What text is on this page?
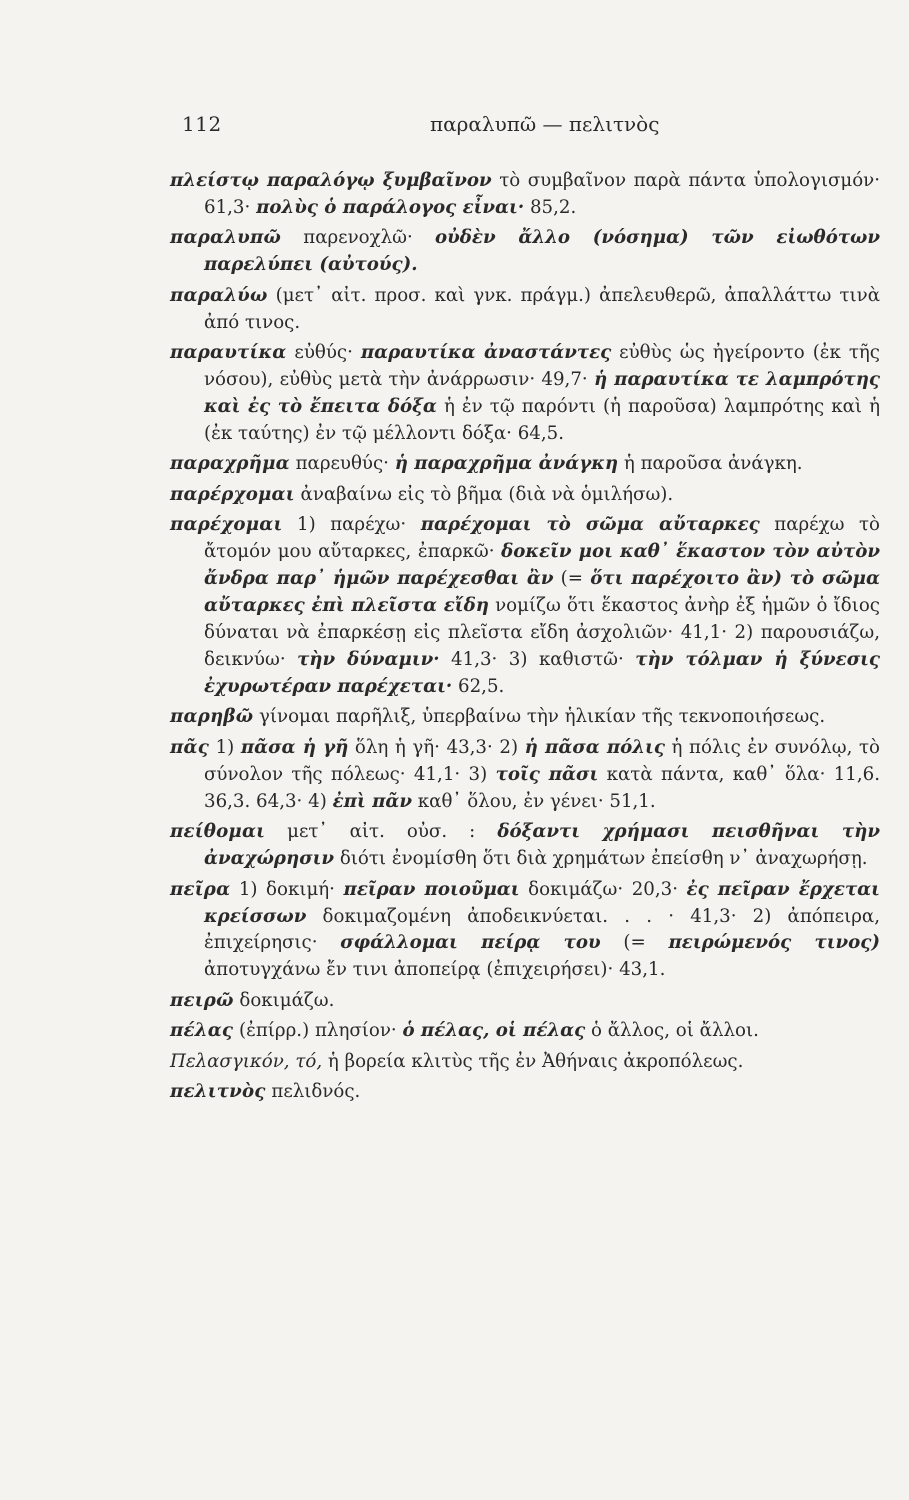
112	παραλυπῶ — πελιτνὸς

πλείστῳ παραλόγῳ ξυμβαῖνον τὸ συμβαῖνον παρὰ πάντα ὑπολογισμόν· 61,3· πολὺς ὁ παράλογος εἶναι· 85,2.

παραλυπῶ παρενοχλῶ· οὐδὲν ἄλλο (νόσημα) τῶν εἰωθότων παρελύπει (αὐτούς).

παραλύω (μετ᾽ αἰτ. προσ. καὶ γνκ. πράγμ.) ἀπελευθερῶ, ἀπαλλάττω τινὰ ἀπό τινος.

παραυτίκα εὐθύς· παραυτίκα ἀναστάντες εὐθὺς ὡς ἠγείροντο (ἐκ τῆς νόσου), εὐθὺς μετὰ τὴν ἀνάρρωσιν· 49,7· ἡ παραυτίκα τε λαμπρότης καὶ ἐς τὸ ἔπειτα δόξα ἡ ἐν τῷ παρόντι (ἡ παροῦσα) λαμπρότης καὶ ἡ (ἐκ ταύτης) ἐν τῷ μέλλοντι δόξα· 64,5.

παραχρῆμα παρευθύς· ἡ παραχρῆμα ἀνάγκη ἡ παροῦσα ἀνάγκη.

παρέρχομαι ἀναβαίνω εἰς τὸ βῆμα (διὰ νὰ ὁμιλήσω).

παρέχομαι 1) παρέχω· παρέχομαι τὸ σῶμα αὔταρκες παρέχω τὸ ἄτομόν μου αὔταρκες, ἐπαρκῶ· δοκεῖν μοι καθ᾽ ἕκαστον τὸν αὐτὸν ἄνδρα παρ᾽ ἡμῶν παρέχεσθαι ἂν (= ὅτι παρέχοιτο ἂν) τὸ σῶμα αὔταρκες ἐπὶ πλεῖστα εἴδη νομίζω ὅτι ἕκαστος ἀνὴρ ἐξ ἡμῶν ὁ ἴδιος δύναται νὰ ἐπαρκέσῃ εἰς πλεῖστα εἴδη ἀσχολιῶν· 41,1· 2) παρουσιάζω, δεικνύω· τὴν δύναμιν· 41,3· 3) καθιστῶ· τὴν τόλμαν ἡ ξύνεσις ἐχυρωτέραν παρέχεται· 62,5.

παρηβῶ γίνομαι παρῆλιξ, ὑπερβαίνω τὴν ἡλικίαν τῆς τεκνοποιήσεως.

πᾶς 1) πᾶσα ἡ γῆ ὅλη ἡ γῆ· 43,3· 2) ἡ πᾶσα πόλις ἡ πόλις ἐν συνόλῳ, τὸ σύνολον τῆς πόλεως· 41,1· 3) τοῖς πᾶσι κατὰ πάντα, καθ᾽ ὅλα· 11,6. 36,3. 64,3· 4) ἐπὶ πᾶν καθ᾽ ὅλου, ἐν γένει· 51,1.

πείθομαι μετ᾽ αἰτ. οὐσ. : δόξαντι χρήμασι πεισθῆναι τὴν ἀναχώρησιν διότι ἐνομίσθη ὅτι διὰ χρημάτων ἐπείσθη ν᾽ ἀναχωρήσῃ.

πεῖρα 1) δοκιμή· πεῖραν ποιοῦμαι δοκιμάζω· 20,3· ἐς πεῖραν ἔρχεται κρείσσων δοκιμαζομένη ἀποδεικνύεται. . . · 41,3· 2) ἀπόπειρα, ἐπιχείρησις· σφάλλομαι πείρᾳ του (= πειρώμενός τινος) ἀποτυγχάνω ἔν τινι ἀποπείρᾳ (ἐπιχειρήσει)· 43,1.

πειρῶ δοκιμάζω.

πέλας (ἐπίρρ.) πλησίον· ὁ πέλας, οἱ πέλας ὁ ἄλλος, οἱ ἄλλοι.

Πελασγικόν, τό, ἡ βορεία κλιτὺς τῆς ἐν Ἀθήναις ἀκροπόλεως.

πελιτνὸς πελιδνός.
